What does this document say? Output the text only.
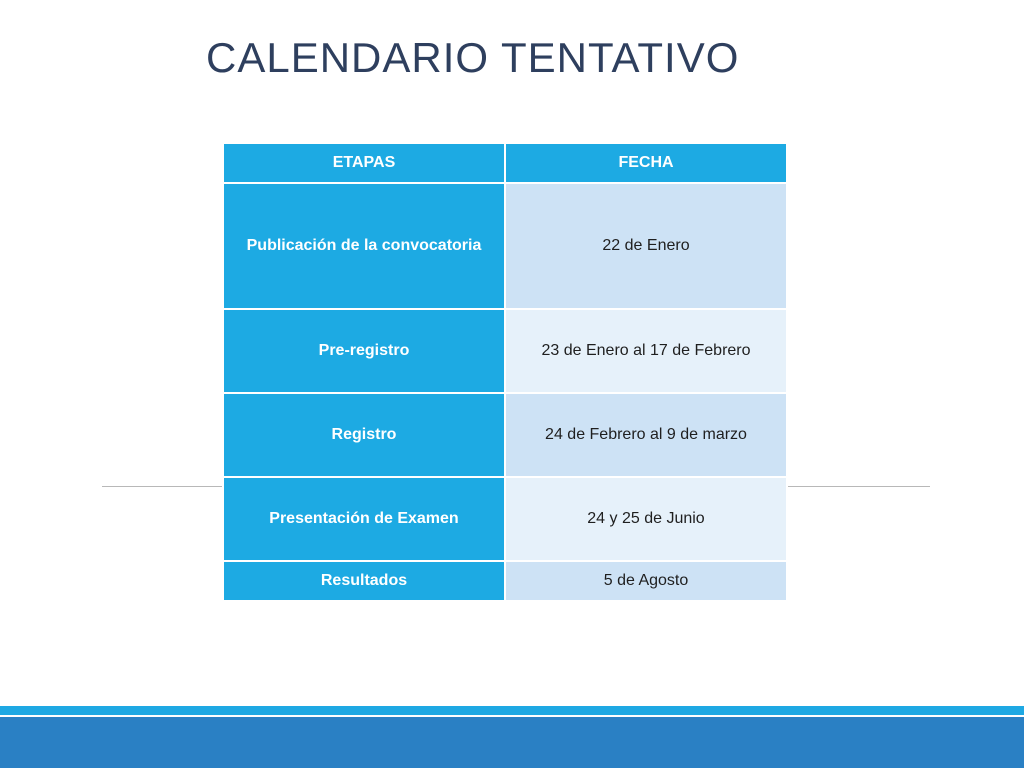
CALENDARIO TENTATIVO
ETAPAS	FECHA
Publicación de la convocatoria	22 de Enero
Pre-registro	23 de Enero al 17 de Febrero
Registro	24 de Febrero al 9 de marzo
Presentación de Examen	24 y 25 de Junio
Resultados	5 de Agosto
